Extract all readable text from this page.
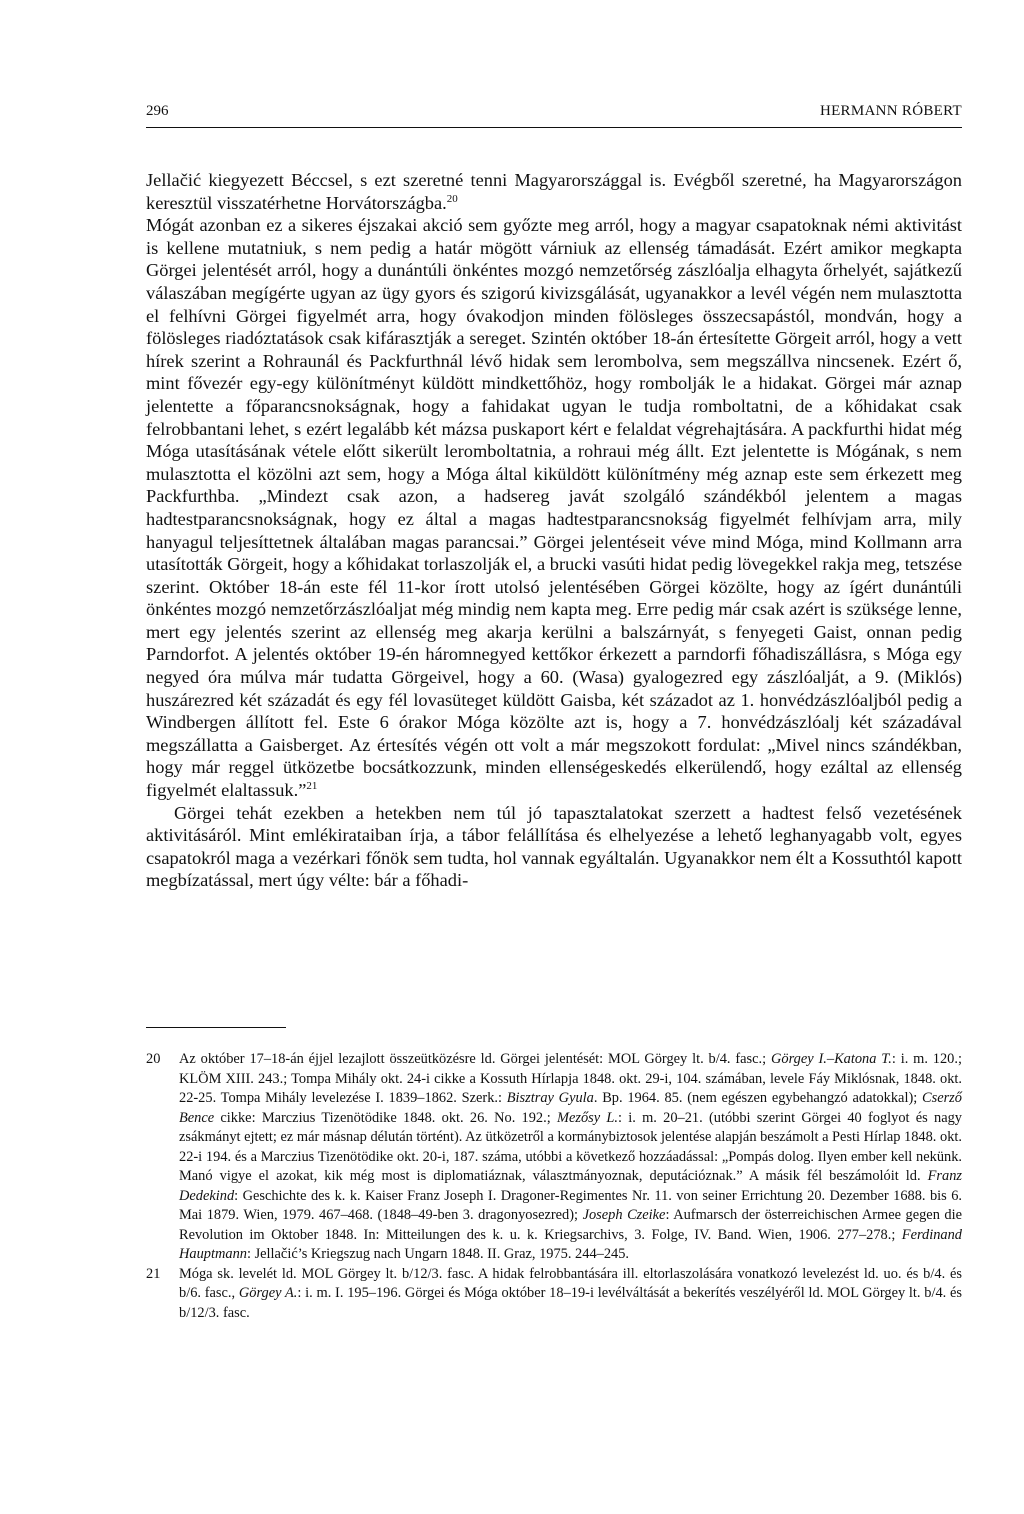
296	HERMANN RÓBERT

Jellačić kiegyezett Béccsel, s ezt szeretné tenni Magyarországgal is. Evégből szeretné, ha Magyarországon keresztül visszatérhetne Horvátországba.$^{20}$

Mógát azonban ez a sikeres éjszakai akció sem győzte meg arról, hogy a magyar csapatoknak némi aktivitást is kellene mutatniuk, s nem pedig a határ mögött várniuk az ellenség támadását. Ezért amikor megkapta Görgei jelentését arról, hogy a dunántúli önkéntes mozgó nemzetőrség zászlóalja elhagyta őrhelyét, sajátkezű válaszában megígérte ugyan az ügy gyors és szigorú kivizsgálását, ugyanakkor a levél végén nem mulasztotta el felhívni Görgei figyelmét arra, hogy óvakodjon minden fölösleges összecsapástól, mondván, hogy a fölösleges riadóztatások csak kifárasztják a sereget. Szintén október 18-án értesítette Görgeit arról, hogy a vett hírek szerint a Rohraunál és Packfurthnál lévő hidak sem lerombolva, sem megszállva nincsenek. Ezért ő, mint fővezér egy-egy különítményt küldött mindkettőhöz, hogy rombolják le a hidakat. Görgei már aznap jelentette a főparancsnokságnak, hogy a fahidakat ugyan le tudja romboltatni, de a kőhidakat csak felrobbantani lehet, s ezért legalább két mázsa puskaport kért e felaldat végrehajtására. A packfurthi hidat még Móga utasításának vétele előtt sikerült leromboltatnia, a rohraui még állt. Ezt jelentette is Mógának, s nem mulasztotta el közölni azt sem, hogy a Móga által kiküldött különítmény még aznap este sem érkezett meg Packfurthba. „Mindezt csak azon, a hadsereg javát szolgáló szándékból jelentem a magas hadtestparancsnokságnak, hogy ez által a magas hadtestparancsnokság figyelmét felhívjam arra, mily hanyagul teljesíttetnek általában magas parancsai.” Görgei jelentéseit véve mind Móga, mind Kollmann arra utasították Görgeit, hogy a kőhidakat torlaszolják el, a brucki vasúti hidat pedig lövegekkel rakja meg, tetszése szerint. Október 18-án este fél 11-kor írott utolsó jelentésében Görgei közölte, hogy az ígért dunántúli önkéntes mozgó nemzetőrzászlóaljat még mindig nem kapta meg. Erre pedig már csak azért is szüksége lenne, mert egy jelentés szerint az ellenség meg akarja kerülni a balszárnyát, s fenyegeti Gaist, onnan pedig Parndorfot. A jelentés október 19-én háromnegyed kettőkor érkezett a parndorfi főhadiszállásra, s Móga egy negyed óra múlva már tudatta Görgeivel, hogy a 60. (Wasa) gyalogezred egy zászlóalját, a 9. (Miklós) huszárezred két századát és egy fél lovasüteget küldött Gaisba, két századot az 1. honvédzászlóaljból pedig a Windbergen állított fel. Este 6 órakor Móga közölte azt is, hogy a 7. honvédzászlóalj két századával megszállatta a Gaisberget. Az értesítés végén ott volt a már megszokott fordulat: „Mivel nincs szándékban, hogy már reggel ütközetbe bocsátkozzunk, minden ellenségeskedés elkerülendő, hogy ezáltal az ellenség figyelmét elaltassuk.”$^{21}$

Görgei tehát ezekben a hetekben nem túl jó tapasztalatokat szerzett a hadtest felső vezetésének aktivitásáról. Mint emlékirataiban írja, a tábor felállítása és elhelyezése a lehető leghanyagabb volt, egyes csapatokról maga a vezérkari főnök sem tudta, hol vannak egyáltalán. Ugyanakkor nem élt a Kossuthtól kapott megbízatással, mert úgy vélte: bár a főhadi-

20 Az október 17–18-án éjjel lezajlott összeütközésre ld. Görgei jelentését: MOL Görgey lt. b/4. fasc.; Görgey I.–Katona T.: i. m. 120.; KLÖM XIII. 243.; Tompa Mihály okt. 24-i cikke a Kossuth Hírlapja 1848. okt. 29-i, 104. számában, levele Fáy Miklósnak, 1848. okt. 22-25. Tompa Mihály levelezése I. 1839–1862. Szerk.: Bisztray Gyula. Bp. 1964. 85. (nem egészen egybehangzó adatokkal); Cserző Bence cikke: Marczius Tizenötödike 1848. okt. 26. No. 192.; Mezősy L.: i. m. 20–21. (utóbbi szerint Görgei 40 foglyot és nagy zsákmányt ejtett; ez már másnap délután történt). Az ütközetről a kormánybiztosok jelentése alapján beszámolt a Pesti Hírlap 1848. okt. 22-i 194. és a Marczius Tizenötödike okt. 20-i, 187. száma, utóbbi a következő hozzáadással: „Pompás dolog. Ilyen ember kell nekünk. Manó vigye el azokat, kik még most is diplomatiáznak, választmányoznak, deputációznak.” A másik fél beszámolóit ld. Franz Dedekind: Geschichte des k. k. Kaiser Franz Joseph I. Dragoner-Regimentes Nr. 11. von seiner Errichtung 20. Dezember 1688. bis 6. Mai 1879. Wien, 1979. 467–468. (1848–49-ben 3. dragonyosezred); Joseph Czeike: Aufmarsch der österreichischen Armee gegen die Revolution im Oktober 1848. In: Mitteilungen des k. u. k. Kriegsarchivs, 3. Folge, IV. Band. Wien, 1906. 277–278.; Ferdinand Hauptmann: Jellačić’s Kriegszug nach Ungarn 1848. II. Graz, 1975. 244–245.
21 Móga sk. levelét ld. MOL Görgey lt. b/12/3. fasc. A hidak felrobbantására ill. eltorlaszolására vonatkozó levelezést ld. uo. és b/4. és b/6. fasc., Görgey A.: i. m. I. 195–196. Görgei és Móga október 18–19-i levélváltását a bekerítés veszélyéről ld. MOL Görgey lt. b/4. és b/12/3. fasc.
